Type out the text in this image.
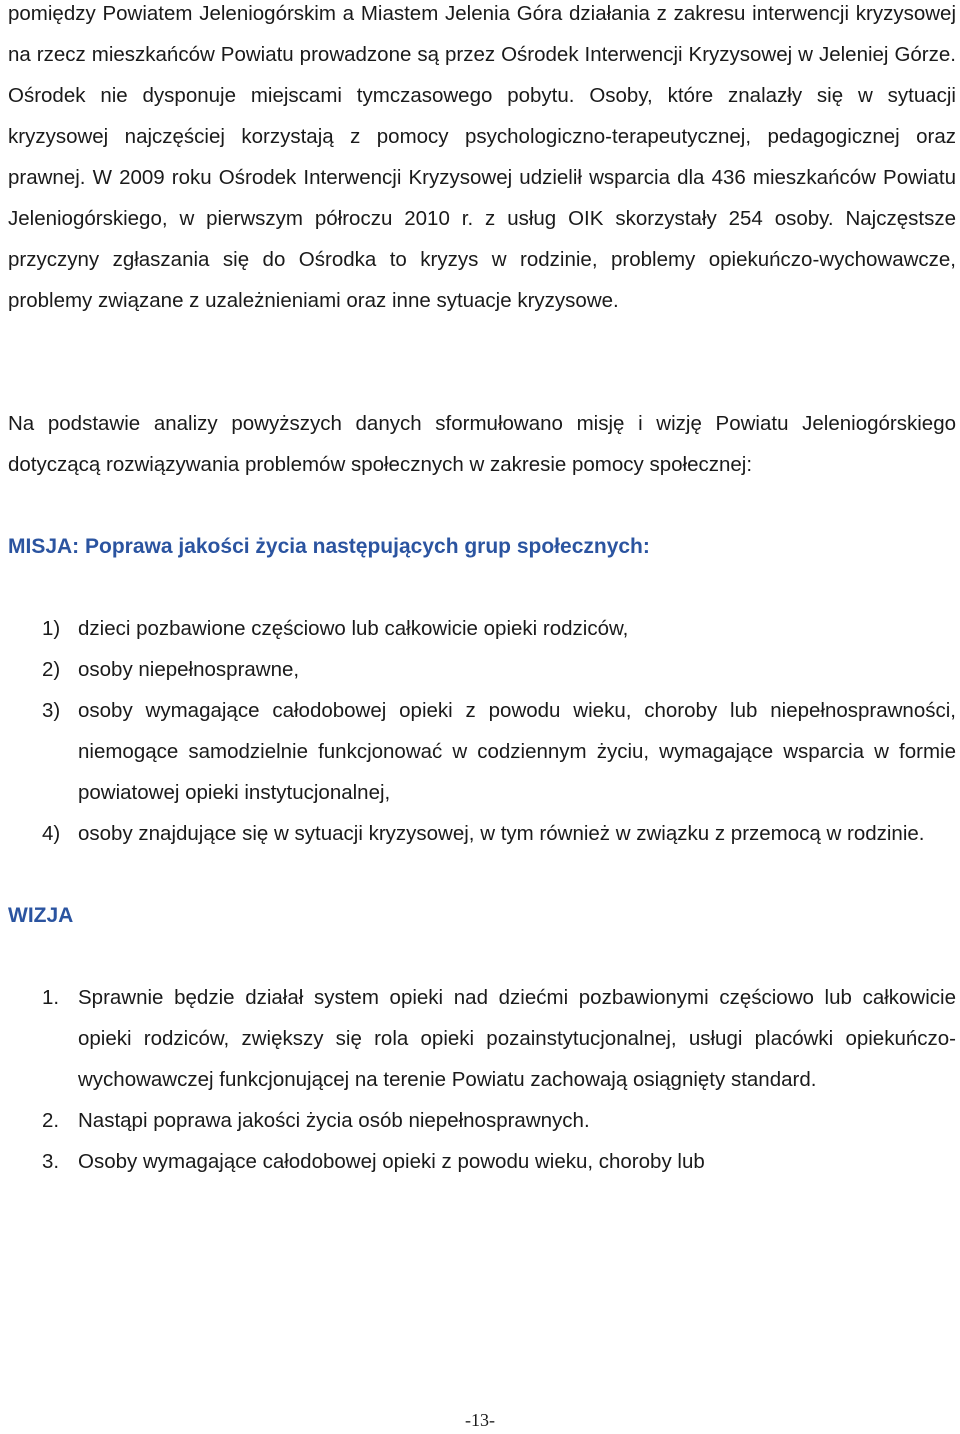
pomiędzy Powiatem Jeleniogórskim a Miastem Jelenia Góra działania z zakresu interwencji kryzysowej na rzecz mieszkańców Powiatu prowadzone są przez Ośrodek Interwencji Kryzysowej w Jeleniej Górze. Ośrodek nie dysponuje miejscami tymczasowego pobytu. Osoby, które znalazły się w sytuacji kryzysowej najczęściej korzystają z pomocy psychologiczno-terapeutycznej, pedagogicznej oraz prawnej. W 2009 roku Ośrodek Interwencji Kryzysowej udzielił wsparcia dla 436 mieszkańców Powiatu Jeleniogórskiego, w pierwszym półroczu 2010 r. z usług OIK skorzystały 254 osoby. Najczęstsze przyczyny zgłaszania się do Ośrodka to kryzys w rodzinie, problemy opiekuńczo-wychowawcze, problemy związane z uzależnieniami oraz inne sytuacje kryzysowe.

Na podstawie analizy powyższych danych sformułowano misję i wizję Powiatu Jeleniogórskiego dotyczącą rozwiązywania problemów społecznych w zakresie pomocy społecznej:

MISJA: Poprawa jakości życia następujących grup społecznych:

1) dzieci pozbawione częściowo lub całkowicie opieki rodziców,
2) osoby niepełnosprawne,
3) osoby wymagające całodobowej opieki z powodu wieku, choroby lub niepełnosprawności, niemogące samodzielnie funkcjonować w codziennym życiu, wymagające wsparcia w formie powiatowej opieki instytucjonalnej,
4) osoby znajdujące się w sytuacji kryzysowej, w tym również w związku z przemocą w rodzinie.

WIZJA

1. Sprawnie będzie działał system opieki nad dziećmi pozbawionymi częściowo lub całkowicie opieki rodziców, zwiększy się rola opieki pozainstytucjonalnej, usługi placówki opiekuńczo-wychowawczej funkcjonującej na terenie Powiatu zachowają osiągnięty standard.
2. Nastąpi poprawa jakości życia osób niepełnosprawnych.
3. Osoby wymagające całodobowej opieki z powodu wieku, choroby lub
-13-
